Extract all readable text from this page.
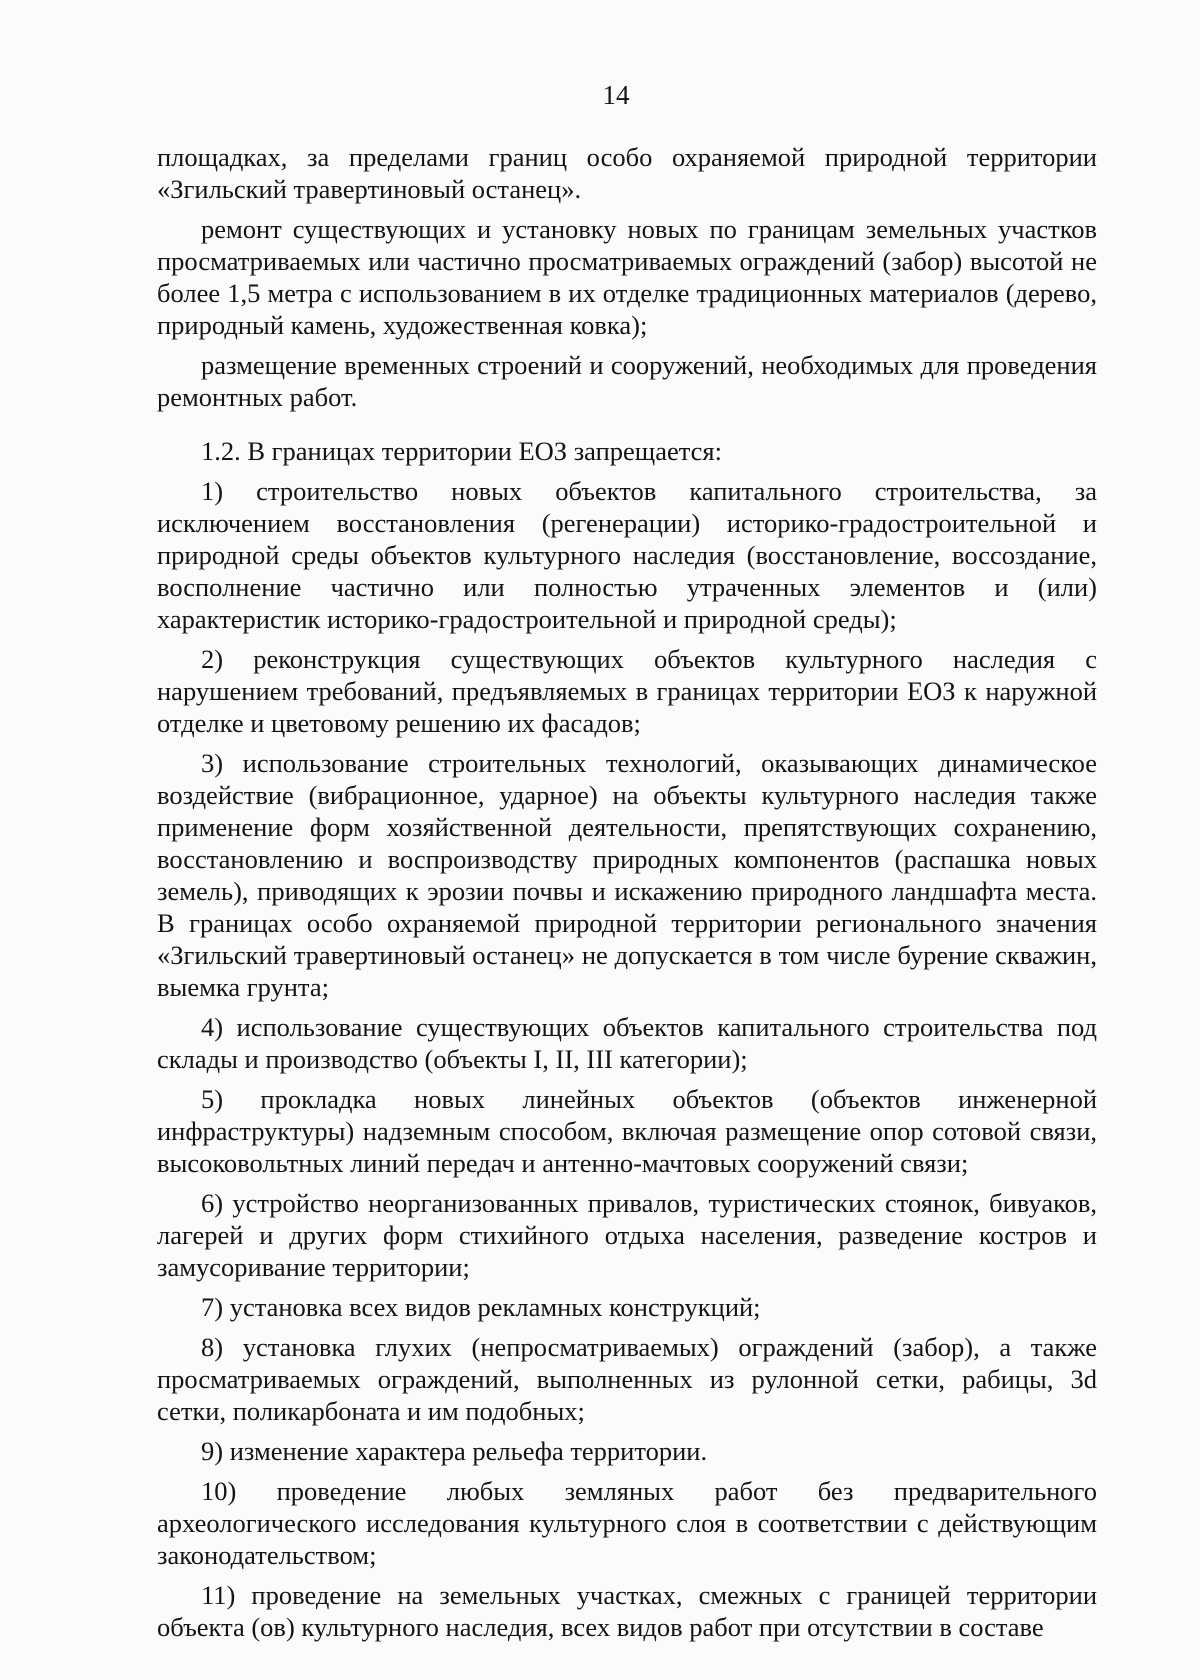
14

площадках, за пределами границ особо охраняемой природной территории «Згильский травертиновый останец».

ремонт существующих и установку новых по границам земельных участков просматриваемых или частично просматриваемых ограждений (забор) высотой не более 1,5 метра с использованием в их отделке традиционных материалов (дерево, природный камень, художественная ковка);

размещение временных строений и сооружений, необходимых для проведения ремонтных работ.

1.2. В границах территории ЕОЗ запрещается:

1) строительство новых объектов капитального строительства, за исключением восстановления (регенерации) историко-градостроительной и природной среды объектов культурного наследия (восстановление, воссоздание, восполнение частично или полностью утраченных элементов и (или) характеристик историко-градостроительной и природной среды);

2) реконструкция существующих объектов культурного наследия с нарушением требований, предъявляемых в границах территории ЕОЗ к наружной отделке и цветовому решению их фасадов;

3) использование строительных технологий, оказывающих динамическое воздействие (вибрационное, ударное) на объекты культурного наследия также применение форм хозяйственной деятельности, препятствующих сохранению, восстановлению и воспроизводству природных компонентов (распашка новых земель), приводящих к эрозии почвы и искажению природного ландшафта места. В границах особо охраняемой природной территории регионального значения «Згильский травертиновый останец» не допускается в том числе бурение скважин, выемка грунта;

4) использование существующих объектов капитального строительства под склады и производство (объекты I, II, III категории);

5) прокладка новых линейных объектов (объектов инженерной инфраструктуры) надземным способом, включая размещение опор сотовой связи, высоковольтных линий передач и антенно-мачтовых сооружений связи;

6) устройство неорганизованных привалов, туристических стоянок, бивуаков, лагерей и других форм стихийного отдыха населения, разведение костров и замусоривание территории;

7) установка всех видов рекламных конструкций;

8) установка глухих (непросматриваемых) ограждений (забор), а также просматриваемых ограждений, выполненных из рулонной сетки, рабицы, 3d сетки, поликарбоната и им подобных;

9) изменение характера рельефа территории.

10) проведение любых земляных работ без предварительного археологического исследования культурного слоя в соответствии с действующим законодательством;

11) проведение на земельных участках, смежных с границей территории объекта (ов) культурного наследия, всех видов работ при отсутствии в составе
